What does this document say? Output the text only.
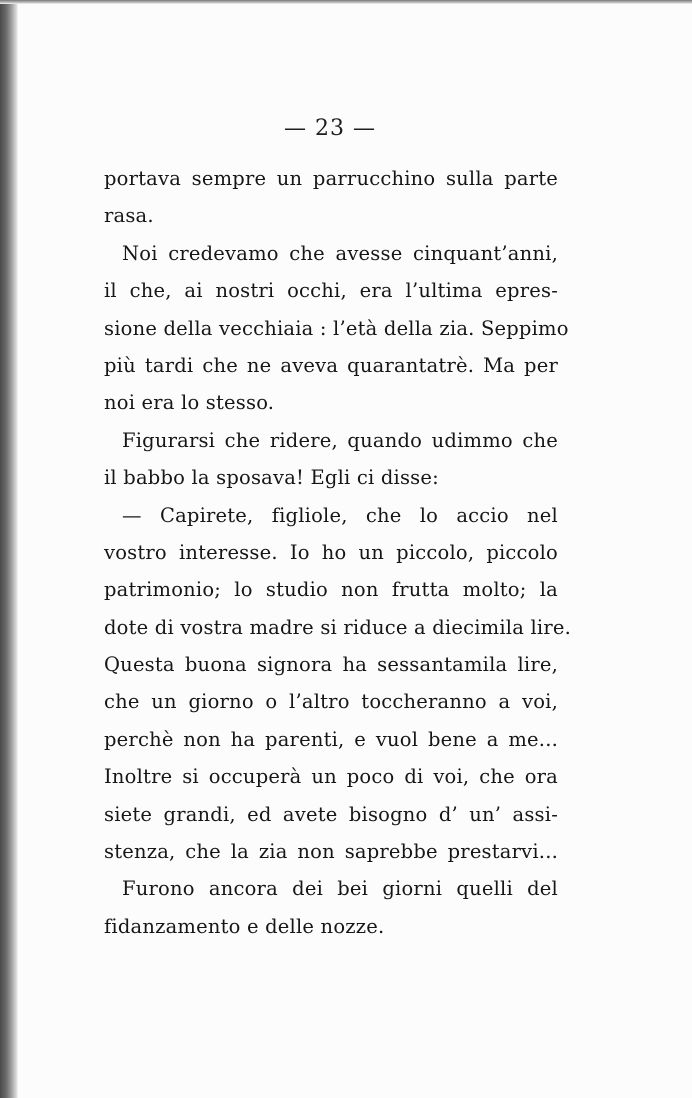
— 23 —
portava sempre un parrucchino sulla parte
rasa.
Noi credevamo che avesse cinquant’anni,
il che, ai nostri occhi, era l’ultima epres-
sione della vecchiaia : l’età della zia. Seppimo
più tardi che ne aveva quarantatrè. Ma per
noi era lo stesso.
Figurarsi che ridere, quando udimmo che
il babbo la sposava! Egli ci disse:
— Capirete, figliole, che lo accio nel
vostro interesse. Io ho un piccolo, piccolo
patrimonio; lo studio non frutta molto; la
dote di vostra madre si riduce a diecimila lire.
Questa buona signora ha sessantamila lire,
che un giorno o l’altro toccheranno a voi,
perchè non ha parenti, e vuol bene a me...
Inoltre si occuperà un poco di voi, che ora
siete grandi, ed avete bisogno d’ un’ assi-
stenza, che la zia non saprebbe prestarvi...
Furono ancora dei bei giorni quelli del
fidanzamento e delle nozze.
